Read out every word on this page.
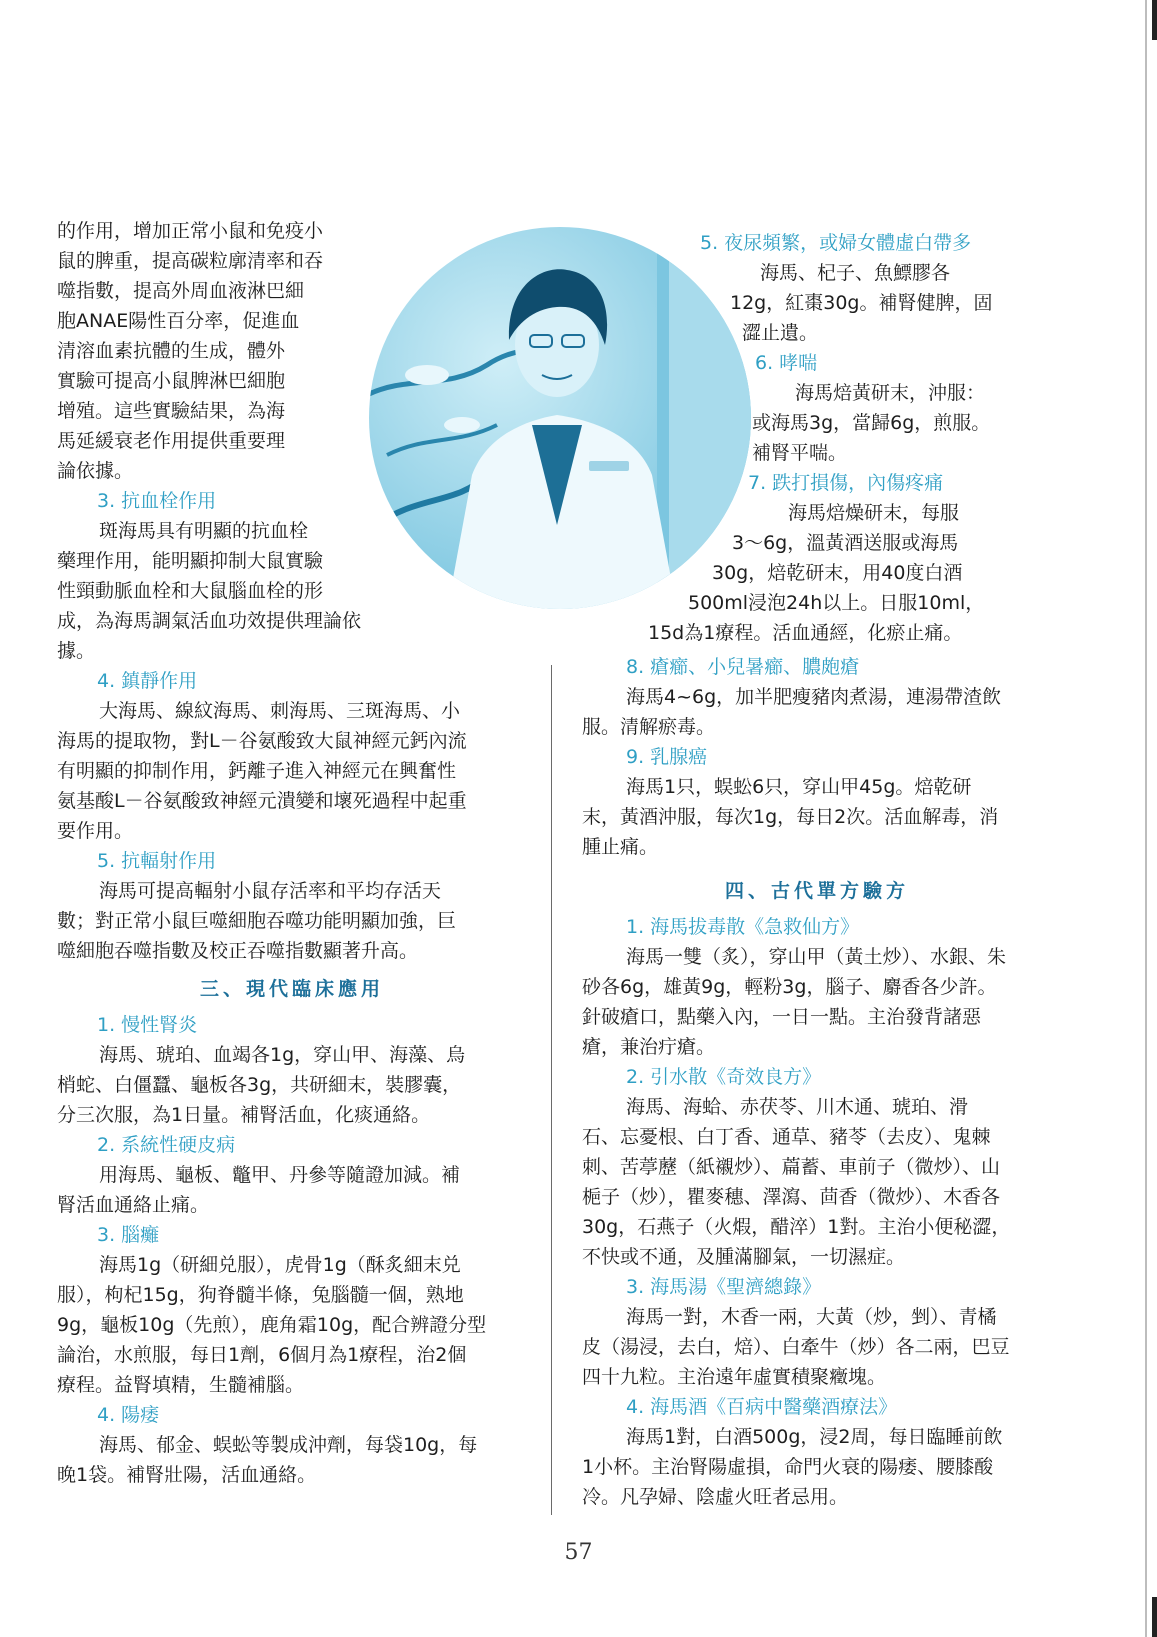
的作用，增加正常小鼠和免疫小

鼠的脾重，提高碳粒廓清率和吞

噬指數，提高外周血液淋巴細

胞ANAE陽性百分率，促進血

清溶血素抗體的生成，體外

實驗可提高小鼠脾淋巴細胞

增殖。這些實驗結果，為海

馬延緩衰老作用提供重要理

論依據。

3. 抗血栓作用

斑海馬具有明顯的抗血栓

藥理作用，能明顯抑制大鼠實驗

性頸動脈血栓和大鼠腦血栓的形

成，為海馬調氣活血功效提供理論依

據。

4. 鎮靜作用

大海馬、線紋海馬、刺海馬、三斑海馬、小

海馬的提取物，對L－谷氨酸致大鼠神經元鈣內流

有明顯的抑制作用，鈣離子進入神經元在興奮性

氨基酸L－谷氨酸致神經元潰變和壞死過程中起重

要作用。

5. 抗輻射作用

海馬可提高輻射小鼠存活率和平均存活天

數；對正常小鼠巨噬細胞吞噬功能明顯加強，巨

噬細胞吞噬指數及校正吞噬指數顯著升高。

三、現代臨床應用

1. 慢性腎炎

海馬、琥珀、血竭各1g，穿山甲、海藻、烏

梢蛇、白僵蠶、龜板各3g，共研細末，裝膠囊，

分三次服，為1日量。補腎活血，化痰通絡。

2. 系統性硬皮病

用海馬、龜板、鼈甲、丹參等隨證加減。補

腎活血通絡止痛。

3. 腦癱

海馬1g（研細兑服），虎骨1g（酥炙細末兑

服），枸杞15g，狗脊髓半條，兔腦髓一個，熟地

9g，龜板10g（先煎），鹿角霜10g，配合辨證分型

論治，水煎服，每日1劑，6個月為1療程，治2個

療程。益腎填精，生髓補腦。

4. 陽痿

海馬、郁金、蜈蚣等製成沖劑，每袋10g，每

晚1袋。補腎壯陽，活血通絡。

5. 夜尿頻繁，或婦女體虛白帶多

海馬、杞子、魚鰾膠各

12g，紅棗30g。補腎健脾，固

澀止遺。

6. 哮喘

海馬焙黃研末，沖服：

或海馬3g，當歸6g，煎服。

補腎平喘。

7. 跌打損傷，內傷疼痛

海馬焙燥研末，每服

3～6g，溫黃酒送服或海馬

30g，焙乾研末，用40度白酒

500ml浸泡24h以上。日服10ml，

15d為1療程。活血通經，化瘀止痛。

8. 瘡癤、小兒暑癤、膿皰瘡

海馬4~6g，加半肥瘦豬肉煮湯，連湯帶渣飲

服。清解瘀毒。

9. 乳腺癌

海馬1只，蜈蚣6只，穿山甲45g。焙乾研

末，黃酒沖服，每次1g，每日2次。活血解毒，消

腫止痛。

四、古代單方驗方

1. 海馬拔毒散《急救仙方》

海馬一雙（炙），穿山甲（黃土炒）、水銀、朱

砂各6g，雄黃9g，輕粉3g，腦子、麝香各少許。

針破瘡口，點藥入內，一日一點。主治發背諸惡

瘡，兼治疔瘡。

2. 引水散《奇效良方》

海馬、海蛤、赤茯苓、川木通、琥珀、滑

石、忘憂根、白丁香、通草、豬苓（去皮）、鬼棘

刺、苦葶藶（紙襯炒）、萹蓄、車前子（微炒）、山

梔子（炒），瞿麥穗、澤瀉、茴香（微炒）、木香各

30g，石燕子（火煆，醋淬）1對。主治小便秘澀，

不快或不通，及腫滿腳氣，一切濕症。

3. 海馬湯《聖濟總錄》

海馬一對，木香一兩，大黃（炒，剉）、青橘

皮（湯浸，去白，焙）、白牽牛（炒）各二兩，巴豆

四十九粒。主治遠年虛實積聚癥塊。

4. 海馬酒《百病中醫藥酒療法》

海馬1對，白酒500g，浸2周，每日臨睡前飲

1小杯。主治腎陽虛損，命門火衰的陽痿、腰膝酸

冷。凡孕婦、陰虛火旺者忌用。

57
